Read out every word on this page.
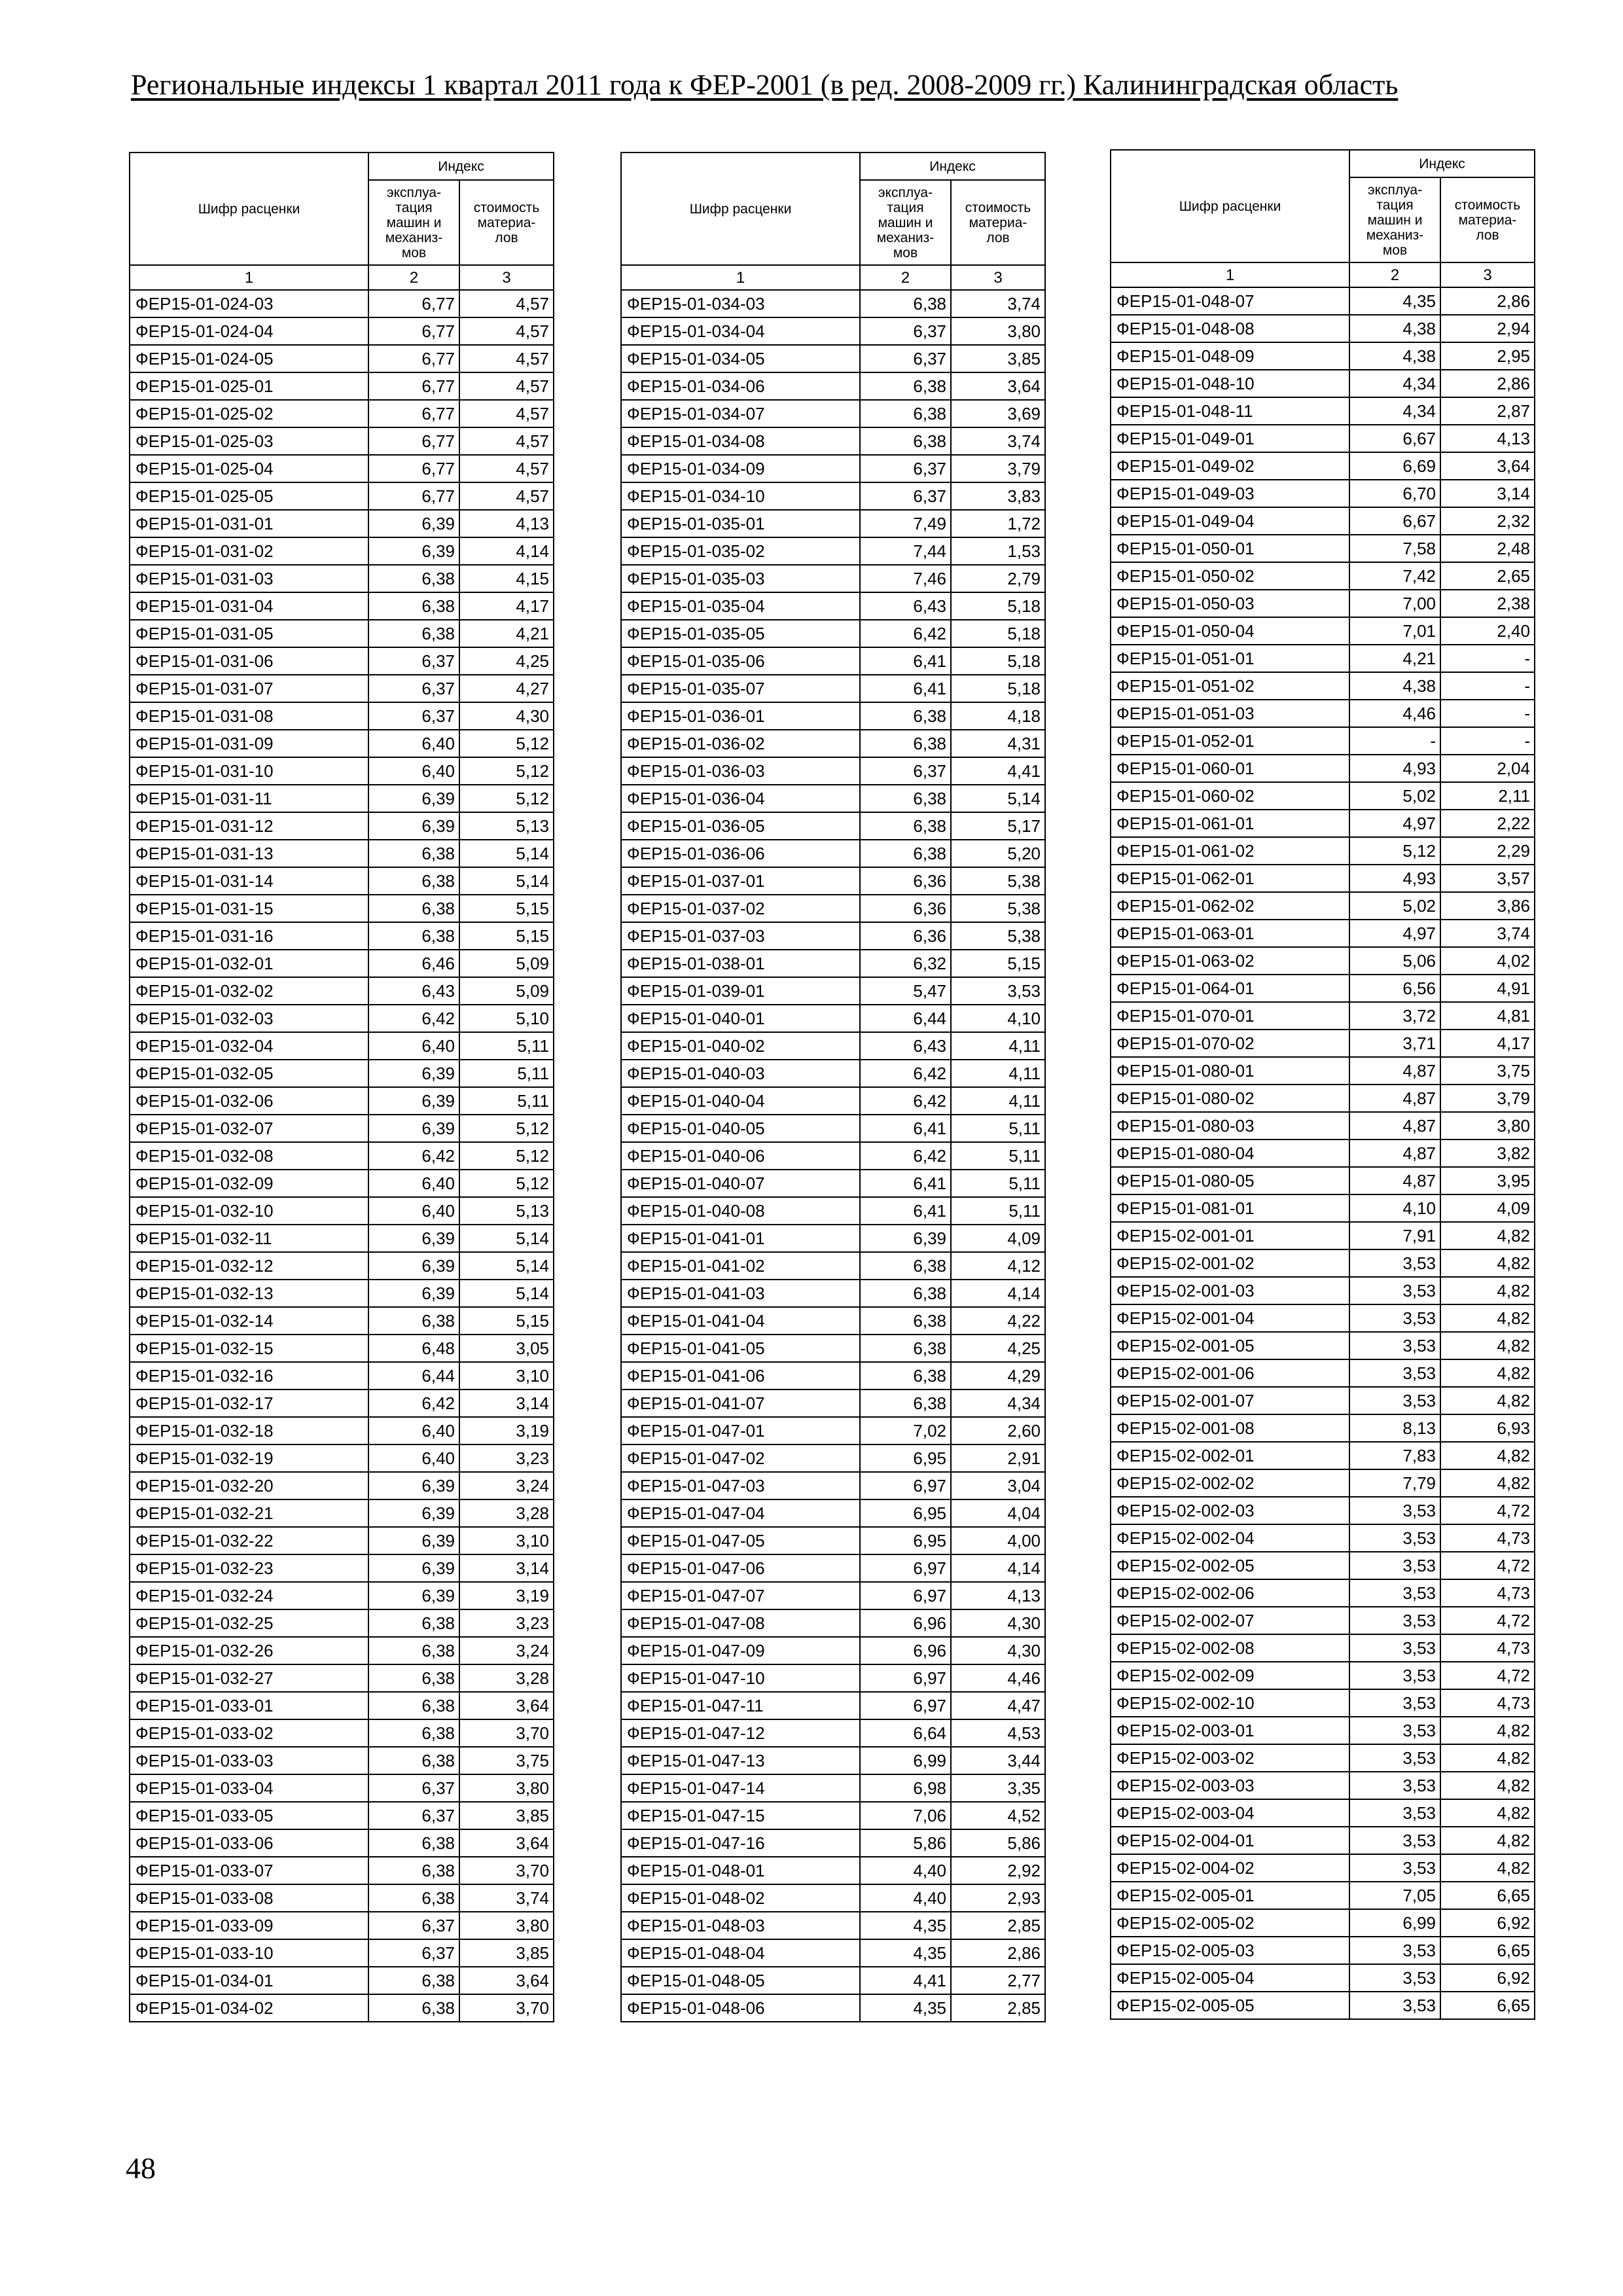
Региональные индексы 1 квартал 2011 года к ФЕР-2001 (в ред. 2008-2009 гг.) Калининградская область
Шифр расценки	Индекс	
	эксплуа-
тация
машин и
механиз-
мов	стоимость
материа-
лов
1	2	3
ФЕР15-01-024-03	6,77	4,57
ФЕР15-01-024-04	6,77	4,57
ФЕР15-01-024-05	6,77	4,57
ФЕР15-01-025-01	6,77	4,57
ФЕР15-01-025-02	6,77	4,57
ФЕР15-01-025-03	6,77	4,57
ФЕР15-01-025-04	6,77	4,57
ФЕР15-01-025-05	6,77	4,57
ФЕР15-01-031-01	6,39	4,13
ФЕР15-01-031-02	6,39	4,14
ФЕР15-01-031-03	6,38	4,15
ФЕР15-01-031-04	6,38	4,17
ФЕР15-01-031-05	6,38	4,21
ФЕР15-01-031-06	6,37	4,25
ФЕР15-01-031-07	6,37	4,27
ФЕР15-01-031-08	6,37	4,30
ФЕР15-01-031-09	6,40	5,12
ФЕР15-01-031-10	6,40	5,12
ФЕР15-01-031-11	6,39	5,12
ФЕР15-01-031-12	6,39	5,13
ФЕР15-01-031-13	6,38	5,14
ФЕР15-01-031-14	6,38	5,14
ФЕР15-01-031-15	6,38	5,15
ФЕР15-01-031-16	6,38	5,15
ФЕР15-01-032-01	6,46	5,09
ФЕР15-01-032-02	6,43	5,09
ФЕР15-01-032-03	6,42	5,10
ФЕР15-01-032-04	6,40	5,11
ФЕР15-01-032-05	6,39	5,11
ФЕР15-01-032-06	6,39	5,11
ФЕР15-01-032-07	6,39	5,12
ФЕР15-01-032-08	6,42	5,12
ФЕР15-01-032-09	6,40	5,12
ФЕР15-01-032-10	6,40	5,13
ФЕР15-01-032-11	6,39	5,14
ФЕР15-01-032-12	6,39	5,14
ФЕР15-01-032-13	6,39	5,14
ФЕР15-01-032-14	6,38	5,15
ФЕР15-01-032-15	6,48	3,05
ФЕР15-01-032-16	6,44	3,10
ФЕР15-01-032-17	6,42	3,14
ФЕР15-01-032-18	6,40	3,19
ФЕР15-01-032-19	6,40	3,23
ФЕР15-01-032-20	6,39	3,24
ФЕР15-01-032-21	6,39	3,28
ФЕР15-01-032-22	6,39	3,10
ФЕР15-01-032-23	6,39	3,14
ФЕР15-01-032-24	6,39	3,19
ФЕР15-01-032-25	6,38	3,23
ФЕР15-01-032-26	6,38	3,24
ФЕР15-01-032-27	6,38	3,28
ФЕР15-01-033-01	6,38	3,64
ФЕР15-01-033-02	6,38	3,70
ФЕР15-01-033-03	6,38	3,75
ФЕР15-01-033-04	6,37	3,80
ФЕР15-01-033-05	6,37	3,85
ФЕР15-01-033-06	6,38	3,64
ФЕР15-01-033-07	6,38	3,70
ФЕР15-01-033-08	6,38	3,74
ФЕР15-01-033-09	6,37	3,80
ФЕР15-01-033-10	6,37	3,85
ФЕР15-01-034-01	6,38	3,64
ФЕР15-01-034-02	6,38	3,70
Шифр расценки	Индекс	
	эксплуа-
тация
машин и
механиз-
мов	стоимость
материа-
лов
1	2	3
ФЕР15-01-034-03	6,38	3,74
ФЕР15-01-034-04	6,37	3,80
ФЕР15-01-034-05	6,37	3,85
ФЕР15-01-034-06	6,38	3,64
ФЕР15-01-034-07	6,38	3,69
ФЕР15-01-034-08	6,38	3,74
ФЕР15-01-034-09	6,37	3,79
ФЕР15-01-034-10	6,37	3,83
ФЕР15-01-035-01	7,49	1,72
ФЕР15-01-035-02	7,44	1,53
ФЕР15-01-035-03	7,46	2,79
ФЕР15-01-035-04	6,43	5,18
ФЕР15-01-035-05	6,42	5,18
ФЕР15-01-035-06	6,41	5,18
ФЕР15-01-035-07	6,41	5,18
ФЕР15-01-036-01	6,38	4,18
ФЕР15-01-036-02	6,38	4,31
ФЕР15-01-036-03	6,37	4,41
ФЕР15-01-036-04	6,38	5,14
ФЕР15-01-036-05	6,38	5,17
ФЕР15-01-036-06	6,38	5,20
ФЕР15-01-037-01	6,36	5,38
ФЕР15-01-037-02	6,36	5,38
ФЕР15-01-037-03	6,36	5,38
ФЕР15-01-038-01	6,32	5,15
ФЕР15-01-039-01	5,47	3,53
ФЕР15-01-040-01	6,44	4,10
ФЕР15-01-040-02	6,43	4,11
ФЕР15-01-040-03	6,42	4,11
ФЕР15-01-040-04	6,42	4,11
ФЕР15-01-040-05	6,41	5,11
ФЕР15-01-040-06	6,42	5,11
ФЕР15-01-040-07	6,41	5,11
ФЕР15-01-040-08	6,41	5,11
ФЕР15-01-041-01	6,39	4,09
ФЕР15-01-041-02	6,38	4,12
ФЕР15-01-041-03	6,38	4,14
ФЕР15-01-041-04	6,38	4,22
ФЕР15-01-041-05	6,38	4,25
ФЕР15-01-041-06	6,38	4,29
ФЕР15-01-041-07	6,38	4,34
ФЕР15-01-047-01	7,02	2,60
ФЕР15-01-047-02	6,95	2,91
ФЕР15-01-047-03	6,97	3,04
ФЕР15-01-047-04	6,95	4,04
ФЕР15-01-047-05	6,95	4,00
ФЕР15-01-047-06	6,97	4,14
ФЕР15-01-047-07	6,97	4,13
ФЕР15-01-047-08	6,96	4,30
ФЕР15-01-047-09	6,96	4,30
ФЕР15-01-047-10	6,97	4,46
ФЕР15-01-047-11	6,97	4,47
ФЕР15-01-047-12	6,64	4,53
ФЕР15-01-047-13	6,99	3,44
ФЕР15-01-047-14	6,98	3,35
ФЕР15-01-047-15	7,06	4,52
ФЕР15-01-047-16	5,86	5,86
ФЕР15-01-048-01	4,40	2,92
ФЕР15-01-048-02	4,40	2,93
ФЕР15-01-048-03	4,35	2,85
ФЕР15-01-048-04	4,35	2,86
ФЕР15-01-048-05	4,41	2,77
ФЕР15-01-048-06	4,35	2,85
Шифр расценки	Индекс	
	эксплуа-
тация
машин и
механиз-
мов	стоимость
материа-
лов
1	2	3
ФЕР15-01-048-07	4,35	2,86
ФЕР15-01-048-08	4,38	2,94
ФЕР15-01-048-09	4,38	2,95
ФЕР15-01-048-10	4,34	2,86
ФЕР15-01-048-11	4,34	2,87
ФЕР15-01-049-01	6,67	4,13
ФЕР15-01-049-02	6,69	3,64
ФЕР15-01-049-03	6,70	3,14
ФЕР15-01-049-04	6,67	2,32
ФЕР15-01-050-01	7,58	2,48
ФЕР15-01-050-02	7,42	2,65
ФЕР15-01-050-03	7,00	2,38
ФЕР15-01-050-04	7,01	2,40
ФЕР15-01-051-01	4,21	-
ФЕР15-01-051-02	4,38	-
ФЕР15-01-051-03	4,46	-
ФЕР15-01-052-01	-	-
ФЕР15-01-060-01	4,93	2,04
ФЕР15-01-060-02	5,02	2,11
ФЕР15-01-061-01	4,97	2,22
ФЕР15-01-061-02	5,12	2,29
ФЕР15-01-062-01	4,93	3,57
ФЕР15-01-062-02	5,02	3,86
ФЕР15-01-063-01	4,97	3,74
ФЕР15-01-063-02	5,06	4,02
ФЕР15-01-064-01	6,56	4,91
ФЕР15-01-070-01	3,72	4,81
ФЕР15-01-070-02	3,71	4,17
ФЕР15-01-080-01	4,87	3,75
ФЕР15-01-080-02	4,87	3,79
ФЕР15-01-080-03	4,87	3,80
ФЕР15-01-080-04	4,87	3,82
ФЕР15-01-080-05	4,87	3,95
ФЕР15-01-081-01	4,10	4,09
ФЕР15-02-001-01	7,91	4,82
ФЕР15-02-001-02	3,53	4,82
ФЕР15-02-001-03	3,53	4,82
ФЕР15-02-001-04	3,53	4,82
ФЕР15-02-001-05	3,53	4,82
ФЕР15-02-001-06	3,53	4,82
ФЕР15-02-001-07	3,53	4,82
ФЕР15-02-001-08	8,13	6,93
ФЕР15-02-002-01	7,83	4,82
ФЕР15-02-002-02	7,79	4,82
ФЕР15-02-002-03	3,53	4,72
ФЕР15-02-002-04	3,53	4,73
ФЕР15-02-002-05	3,53	4,72
ФЕР15-02-002-06	3,53	4,73
ФЕР15-02-002-07	3,53	4,72
ФЕР15-02-002-08	3,53	4,73
ФЕР15-02-002-09	3,53	4,72
ФЕР15-02-002-10	3,53	4,73
ФЕР15-02-003-01	3,53	4,82
ФЕР15-02-003-02	3,53	4,82
ФЕР15-02-003-03	3,53	4,82
ФЕР15-02-003-04	3,53	4,82
ФЕР15-02-004-01	3,53	4,82
ФЕР15-02-004-02	3,53	4,82
ФЕР15-02-005-01	7,05	6,65
ФЕР15-02-005-02	6,99	6,92
ФЕР15-02-005-03	3,53	6,65
ФЕР15-02-005-04	3,53	6,92
ФЕР15-02-005-05	3,53	6,65
48
